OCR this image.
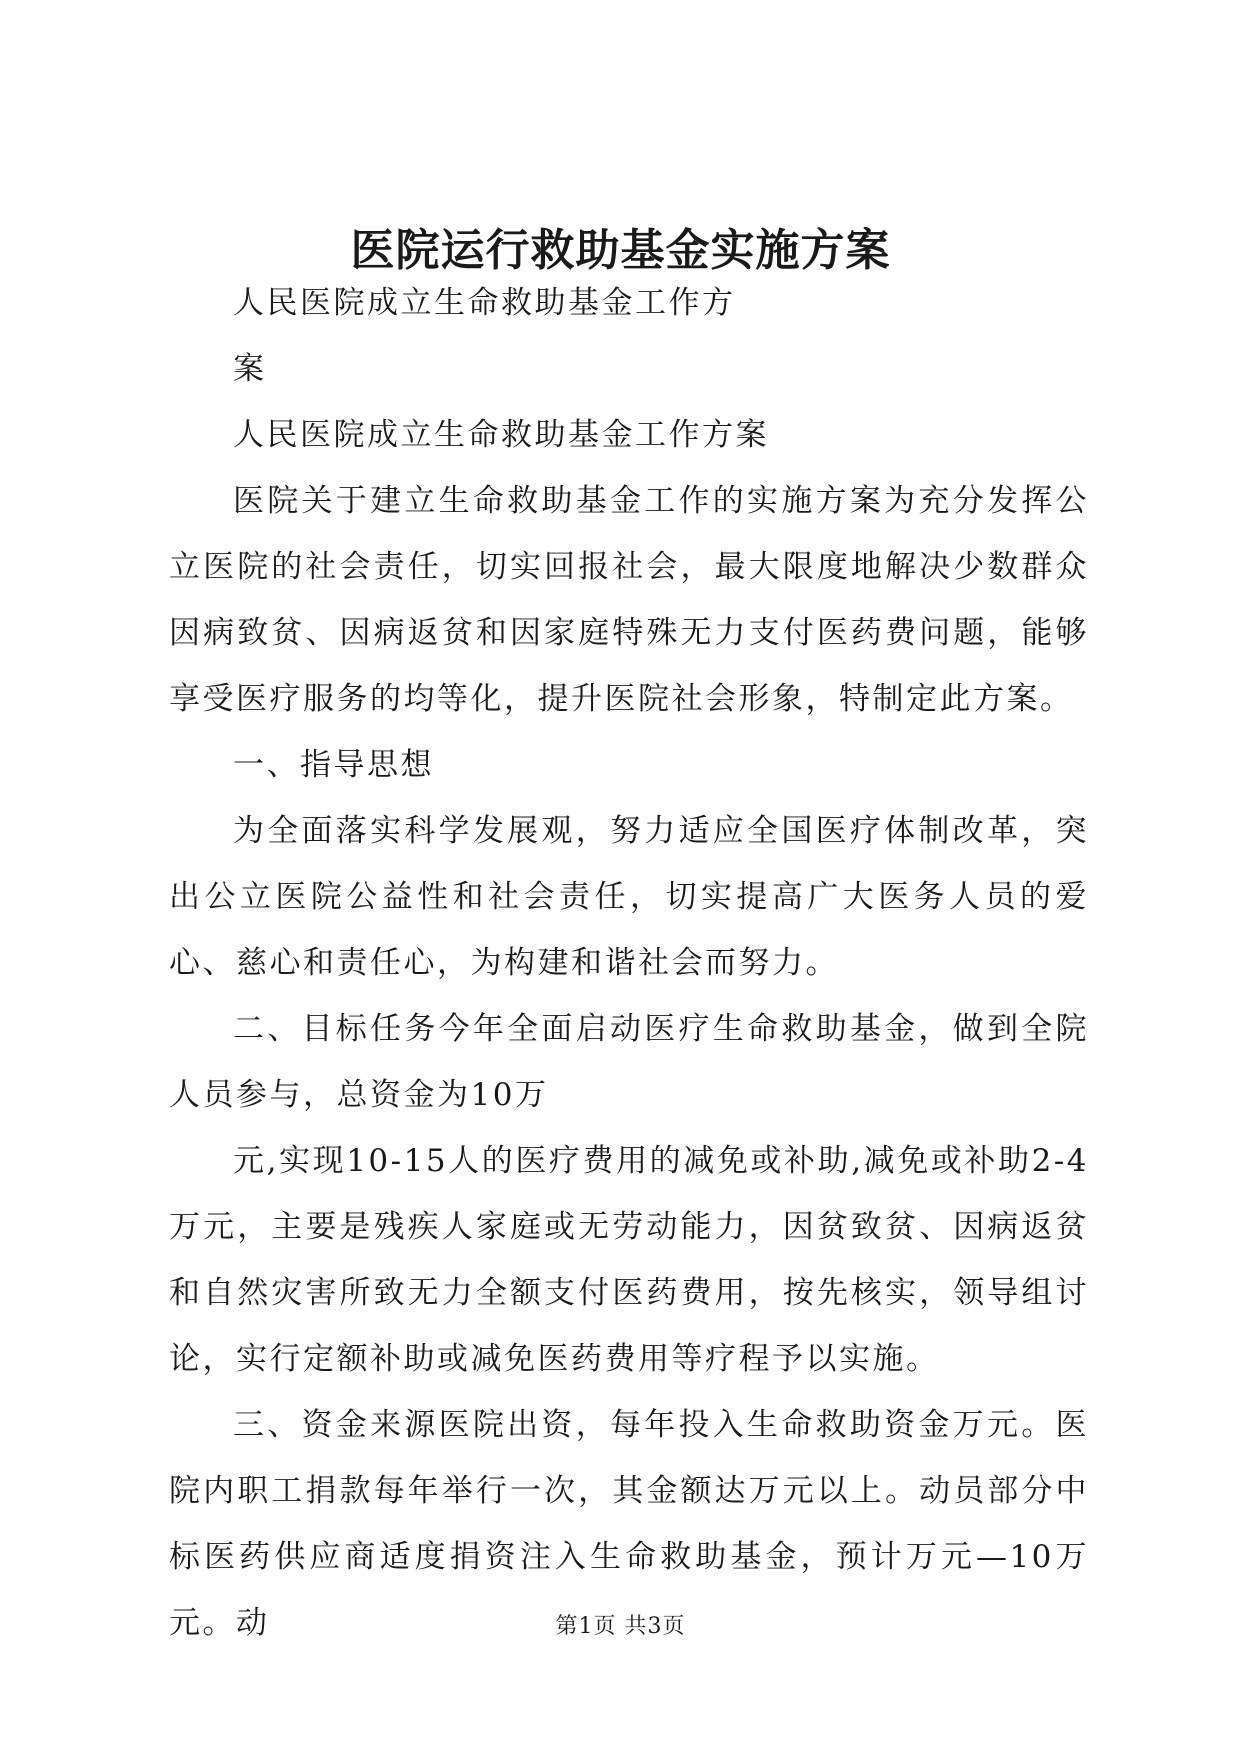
医院运行救助基金实施方案

人民医院成立生命救助基金工作方

案

人民医院成立生命救助基金工作方案

医院关于建立生命救助基金工作的实施方案为充分发挥公立医院的社会责任，切实回报社会，最大限度地解决少数群众因病致贫、因病返贫和因家庭特殊无力支付医药费问题，能够享受医疗服务的均等化，提升医院社会形象，特制定此方案。

一、指导思想

为全面落实科学发展观，努力适应全国医疗体制改革，突出公立医院公益性和社会责任，切实提高广大医务人员的爱心、慈心和责任心，为构建和谐社会而努力。

二、目标任务今年全面启动医疗生命救助基金，做到全院人员参与，总资金为10万

元,实现10-15人的医疗费用的减免或补助,减免或补助2-4万元，主要是残疾人家庭或无劳动能力，因贫致贫、因病返贫和自然灾害所致无力全额支付医药费用，按先核实，领导组讨论，实行定额补助或减免医药费用等疗程予以实施。

三、资金来源医院出资，每年投入生命救助资金万元。医院内职工捐款每年举行一次，其金额达万元以上。动员部分中标医药供应商适度捐资注入生命救助基金，预计万元—10万元。动	第1页 共3页
